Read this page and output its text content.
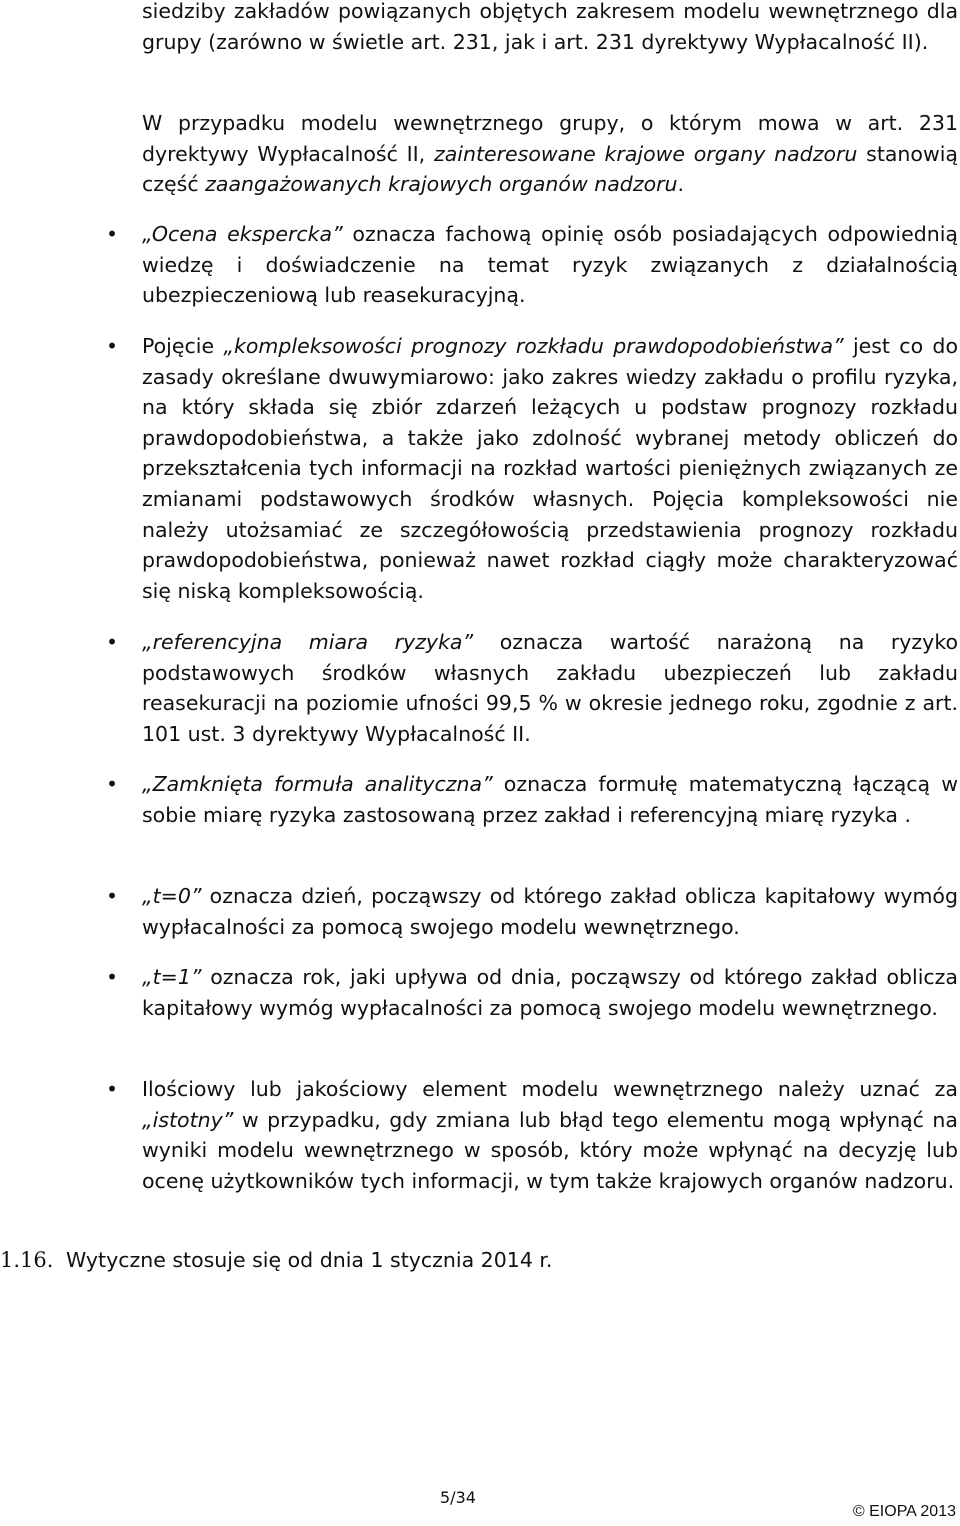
siedziby zakładów powiązanych objętych zakresem modelu wewnętrznego dla grupy (zarówno w świetle art. 231, jak i art. 231 dyrektywy Wypłacalność II).

W przypadku modelu wewnętrznego grupy, o którym mowa w art. 231 dyrektywy Wypłacalność II, zainteresowane krajowe organy nadzoru stanowią część zaangażowanych krajowych organów nadzoru.

• „Ocena ekspercka” oznacza fachową opinię osób posiadających odpowiednią wiedzę i doświadczenie na temat ryzyk związanych z działalnością ubezpieczeniową lub reasekuracyjną.

• Pojęcie „kompleksowości prognozy rozkładu prawdopodobieństwa” jest co do zasady określane dwuwymiarowo: jako zakres wiedzy zakładu o profilu ryzyka, na który składa się zbiór zdarzeń leżących u podstaw prognozy rozkładu prawdopodobieństwa, a także jako zdolność wybranej metody obliczeń do przekształcenia tych informacji na rozkład wartości pieniężnych związanych ze zmianami podstawowych środków własnych. Pojęcia kompleksowości nie należy utożsamiać ze szczegółowością przedstawienia prognozy rozkładu prawdopodobieństwa, ponieważ nawet rozkład ciągły może charakteryzować się niską kompleksowością.

• „referencyjna miara ryzyka” oznacza wartość narażoną na ryzyko podstawowych środków własnych zakładu ubezpieczeń lub zakładu reasekuracji na poziomie ufności 99,5 % w okresie jednego roku, zgodnie z art. 101 ust. 3 dyrektywy Wypłacalność II.

• „Zamknięta formuła analityczna” oznacza formułę matematyczną łączącą w sobie miarę ryzyka zastosowaną przez zakład i referencyjną miarę ryzyka .

• „t=0” oznacza dzień, począwszy od którego zakład oblicza kapitałowy wymóg wypłacalności za pomocą swojego modelu wewnętrznego.

• „t=1” oznacza rok, jaki upływa od dnia, począwszy od którego zakład oblicza kapitałowy wymóg wypłacalności za pomocą swojego modelu wewnętrznego.

• Ilościowy lub jakościowy element modelu wewnętrznego należy uznać za „istotny” w przypadku, gdy zmiana lub błąd tego elementu mogą wpłynąć na wyniki modelu wewnętrznego w sposób, który może wpłynąć na decyzję lub ocenę użytkowników tych informacji, w tym także krajowych organów nadzoru.

1.16. Wytyczne stosuje się od dnia 1 stycznia 2014 r.
5/34
© EIOPA 2013
